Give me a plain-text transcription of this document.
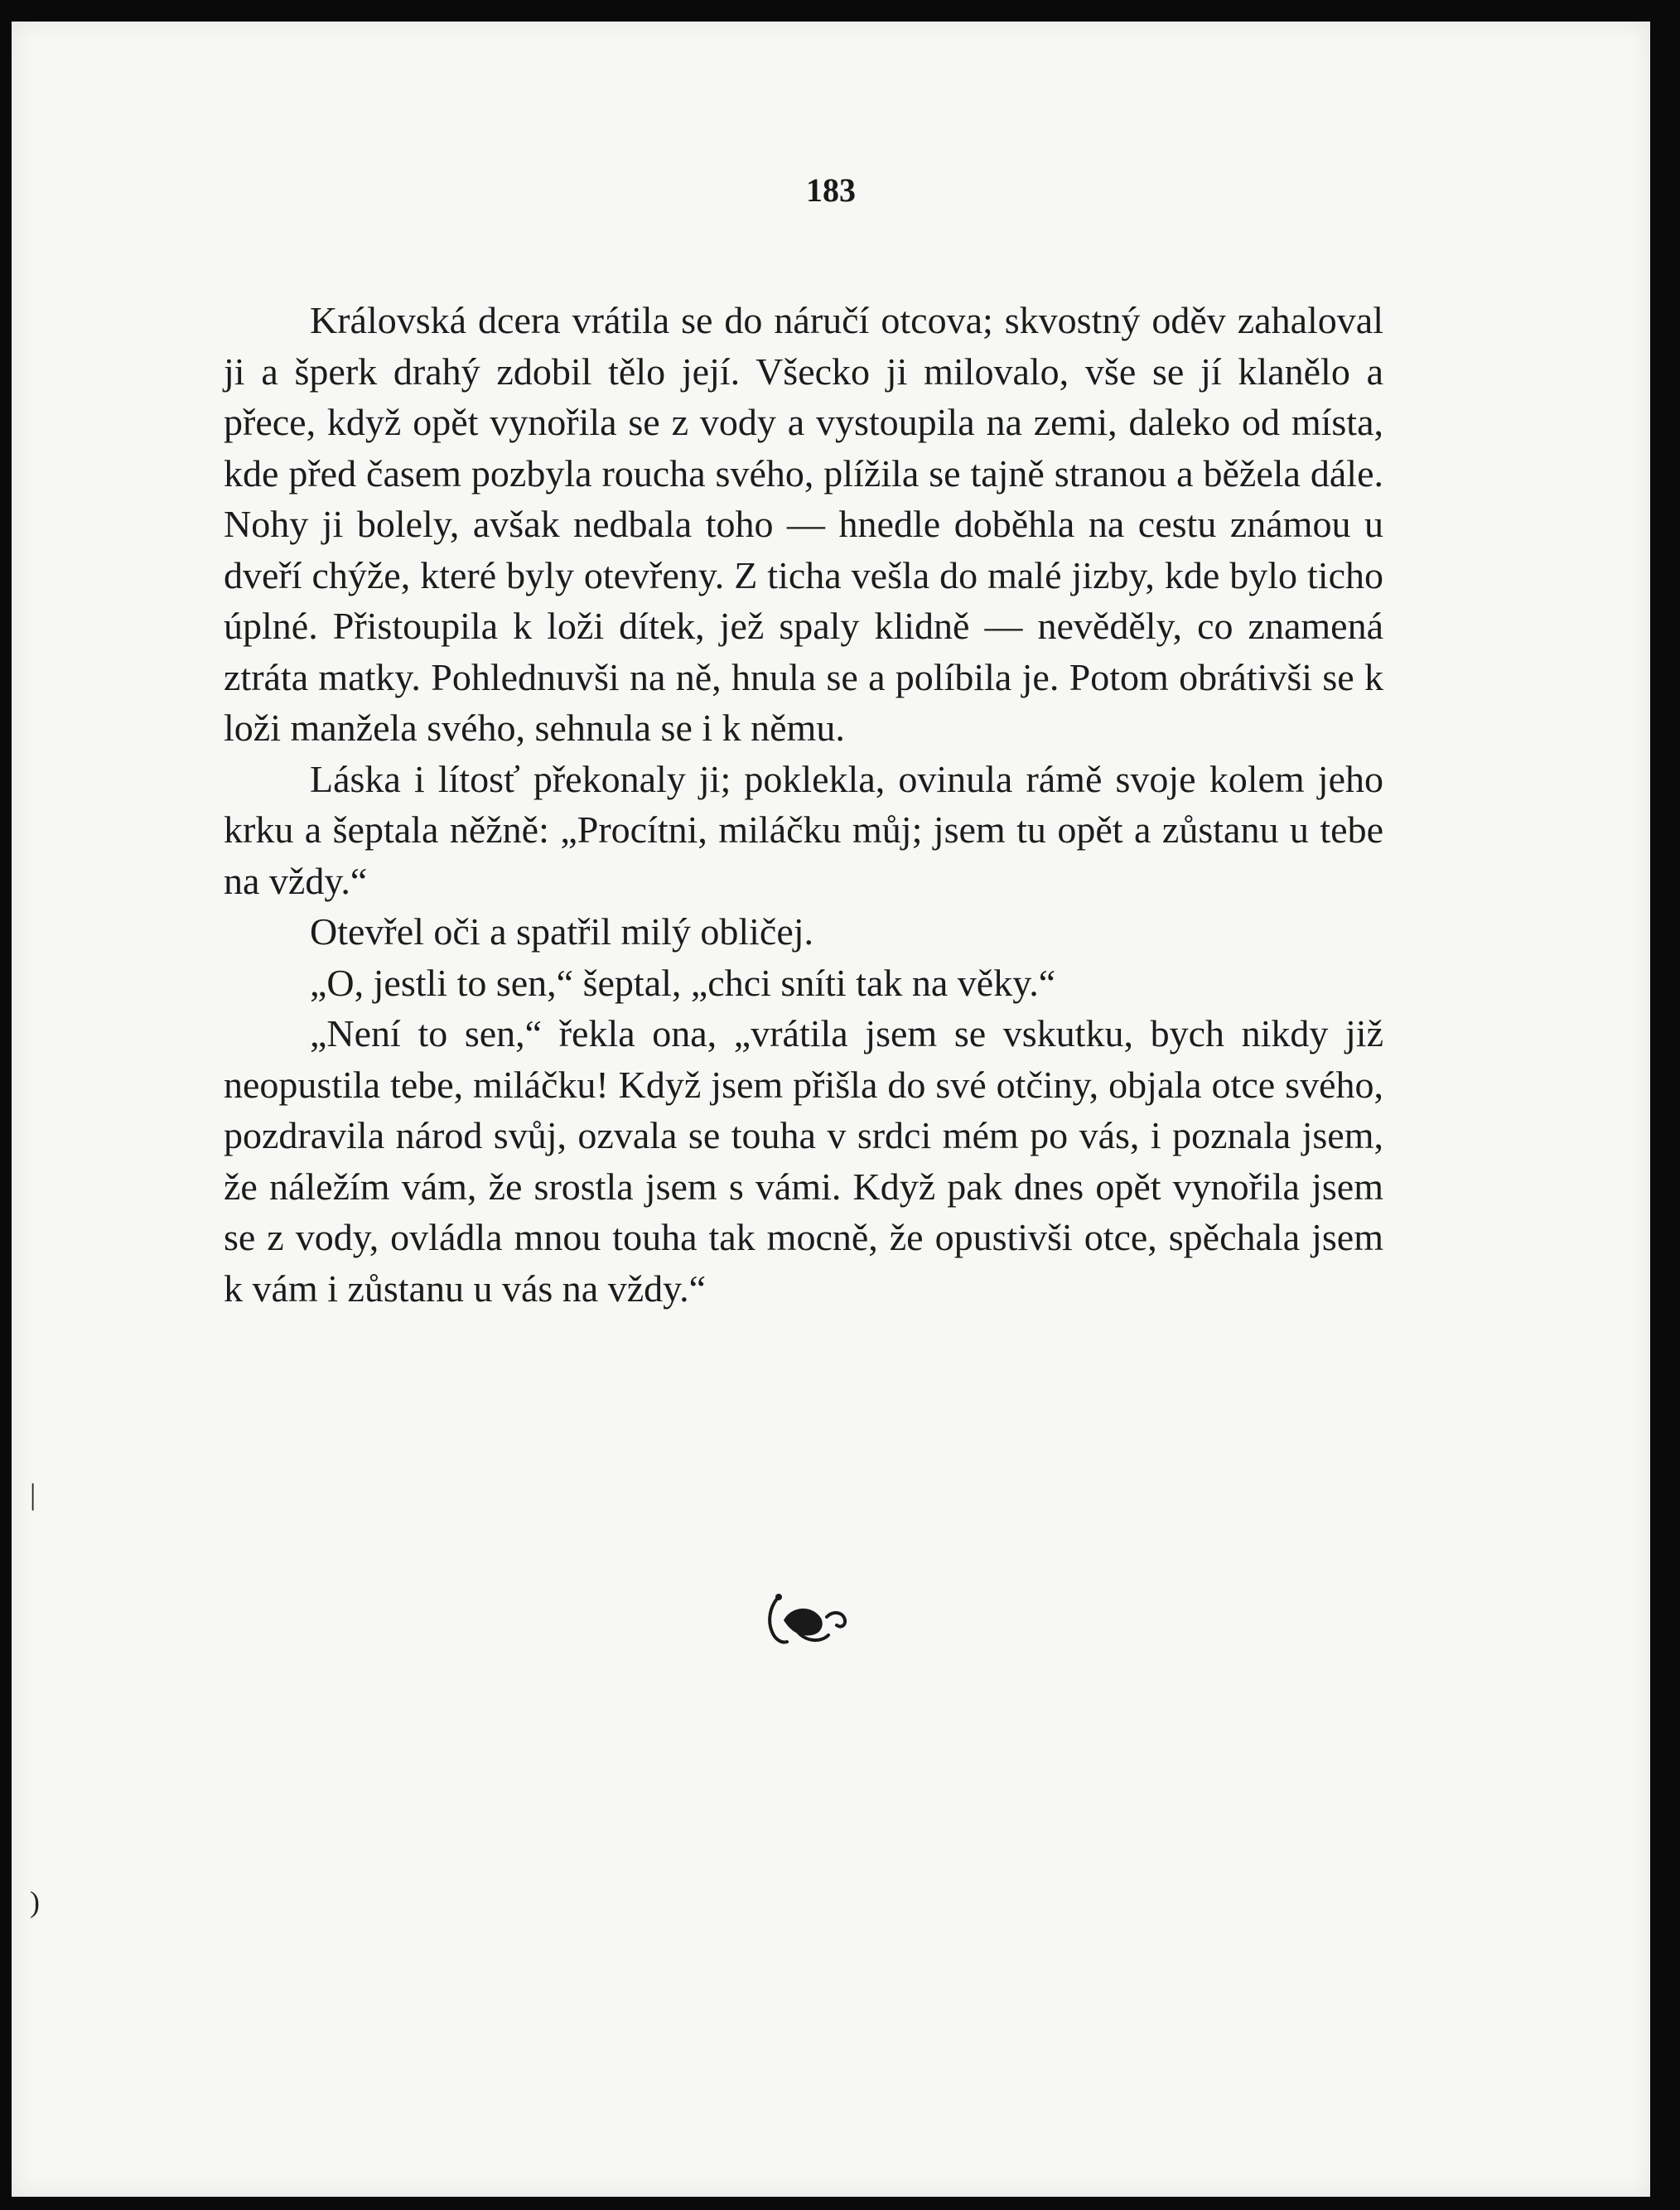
183

Královská dcera vrátila se do náručí otcova; skvostný oděv zahaloval ji a šperk drahý zdobil tělo její. Všecko ji milovalo, vše se jí klanělo a přece, když opět vynořila se z vody a vystoupila na zemi, daleko od místa, kde před časem pozbyla roucha svého, plížila se tajně stranou a běžela dále. Nohy ji bolely, avšak nedbala toho — hnedle doběhla na cestu známou u dveří chýže, které byly otevřeny. Z ticha vešla do malé jizby, kde bylo ticho úplné. Přistoupila k loži dítek, jež spaly klidně — nevěděly, co znamená ztráta matky. Pohlednuvši na ně, hnula se a políbila je. Potom obrátivši se k loži manžela svého, sehnula se i k němu.

Láska i lítosť překonaly ji; poklekla, ovinula rámě svoje kolem jeho krku a šeptala něžně: „Procítni, miláčku můj; jsem tu opět a zůstanu u tebe na vždy.“

Otevřel oči a spatřil milý obličej.

„O, jestli to sen,“ šeptal, „chci sníti tak na věky.“

„Není to sen,“ řekla ona, „vrátila jsem se vskutku, bych nikdy již neopustila tebe, miláčku! Když jsem přišla do své otčiny, objala otce svého, pozdravila národ svůj, ozvala se touha v srdci mém po vás, i poznala jsem, že náležím vám, že srostla jsem s vámi. Když pak dnes opět vynořila jsem se z vody, ovládla mnou touha tak mocně, že opustivši otce, spěchala jsem k vám i zůstanu u vás na vždy.“

|
)
